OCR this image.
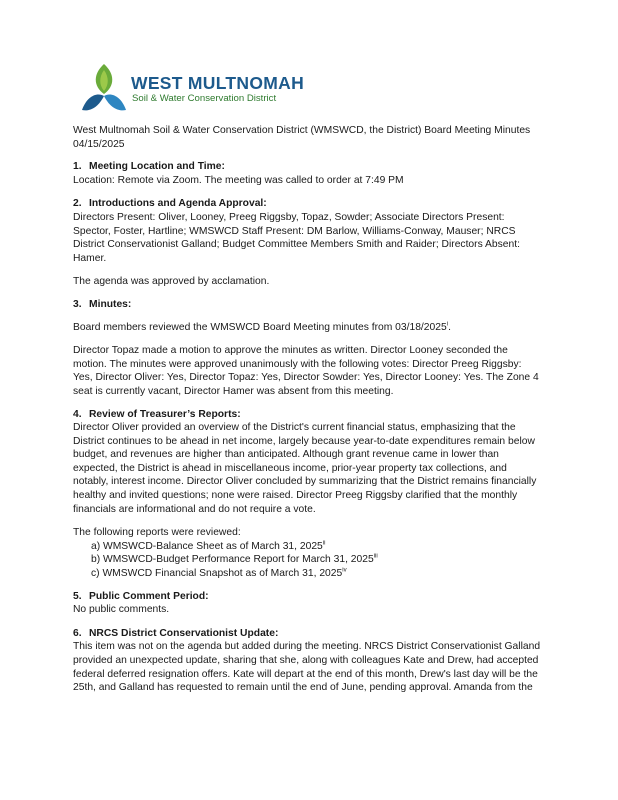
WEST MULTNOMAH
Soil & Water Conservation District

West Multnomah Soil & Water Conservation District (WMSWCD, the District) Board Meeting Minutes
04/15/2025

1. Meeting Location and Time:

Location: Remote via Zoom. The meeting was called to order at 7:49 PM

2. Introductions and Agenda Approval:

Directors Present: Oliver, Looney, Preeg Riggsby, Topaz, Sowder; Associate Directors Present: Spector, Foster, Hartline; WMSWCD Staff Present: DM Barlow, Williams-Conway, Mauser; NRCS District Conservationist Galland; Budget Committee Members Smith and Raider; Directors Absent: Hamer.

The agenda was approved by acclamation.

3. Minutes:

Board members reviewed the WMSWCD Board Meeting minutes from 03/18/2025$^i$.

Director Topaz made a motion to approve the minutes as written. Director Looney seconded the motion. The minutes were approved unanimously with the following votes: Director Preeg Riggsby: Yes, Director Oliver: Yes, Director Topaz: Yes, Director Sowder: Yes, Director Looney: Yes. The Zone 4 seat is currently vacant, Director Hamer was absent from this meeting.

4. Review of Treasurer’s Reports:

Director Oliver provided an overview of the District's current financial status, emphasizing that the District continues to be ahead in net income, largely because year-to-date expenditures remain below budget, and revenues are higher than anticipated. Although grant revenue came in lower than expected, the District is ahead in miscellaneous income, prior-year property tax collections, and notably, interest income. Director Oliver concluded by summarizing that the District remains financially healthy and invited questions; none were raised. Director Preeg Riggsby clarified that the monthly financials are informational and do not require a vote.

The following reports were reviewed:

a) WMSWCD-Balance Sheet as of March 31, 2025$^{ii}$

b) WMSWCD-Budget Performance Report for March 31, 2025$^{iii}$

c) WMSWCD Financial Snapshot as of March 31, 2025$^{iv}$

5. Public Comment Period:

No public comments.

6. NRCS District Conservationist Update:

This item was not on the agenda but added during the meeting. NRCS District Conservationist Galland provided an unexpected update, sharing that she, along with colleagues Kate and Drew, had accepted federal deferred resignation offers. Kate will depart at the end of this month, Drew's last day will be the 25th, and Galland has requested to remain until the end of June, pending approval. Amanda from the
